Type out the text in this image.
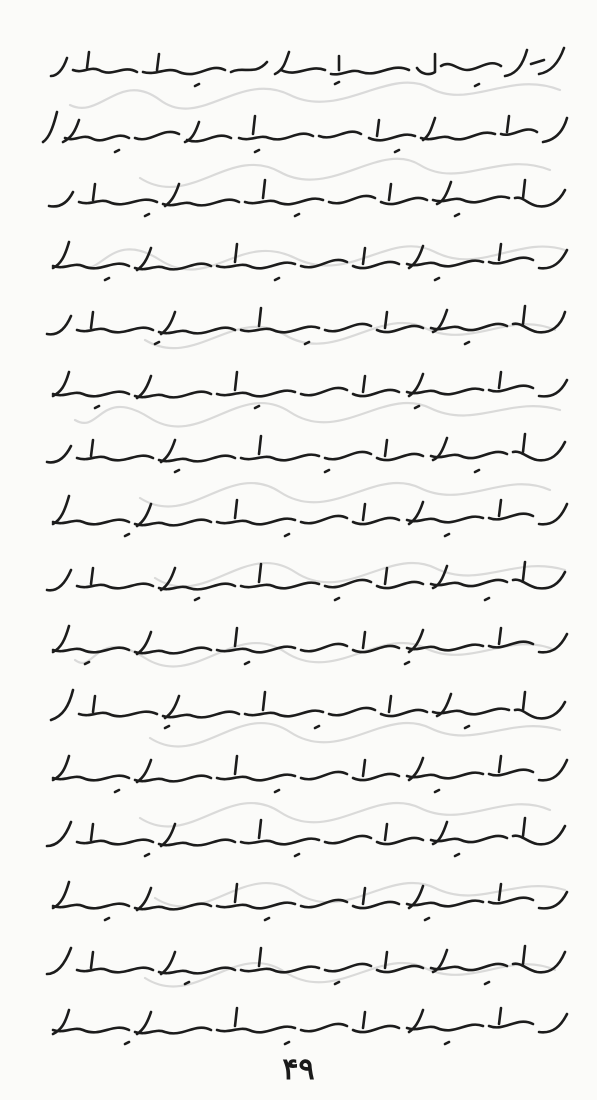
۴۹
